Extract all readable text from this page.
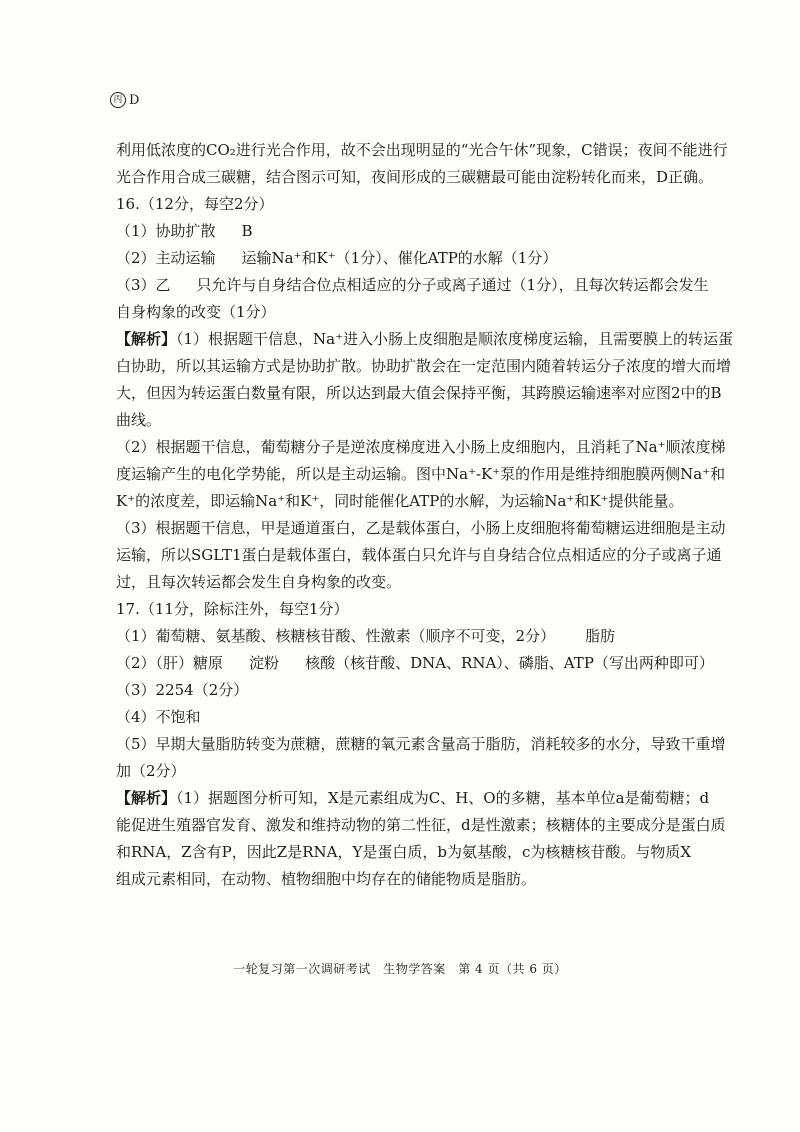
丙 D
利用低浓度的CO₂进行光合作用，故不会出现明显的“光合午休”现象，C错误；夜间不能进行
光合作用合成三碳糖，结合图示可知，夜间形成的三碳糖最可能由淀粉转化而来，D正确。
16.（12分，每空2分）
（1）协助扩散 B
（2）主动运输 运输Na⁺和K⁺（1分）、催化ATP的水解（1分）
（3）乙 只允许与自身结合位点相适应的分子或离子通过（1分），且每次转运都会发生
自身构象的改变（1分）
【解析】（1）根据题干信息，Na⁺进入小肠上皮细胞是顺浓度梯度运输，且需要膜上的转运蛋
白协助，所以其运输方式是协助扩散。协助扩散会在一定范围内随着转运分子浓度的增大而增
大，但因为转运蛋白数量有限，所以达到最大值会保持平衡，其跨膜运输速率对应图2中的B
曲线。
（2）根据题干信息，葡萄糖分子是逆浓度梯度进入小肠上皮细胞内，且消耗了Na⁺顺浓度梯
度运输产生的电化学势能，所以是主动运输。图中Na⁺-K⁺泵的作用是维持细胞膜两侧Na⁺和
K⁺的浓度差，即运输Na⁺和K⁺，同时能催化ATP的水解，为运输Na⁺和K⁺提供能量。
（3）根据题干信息，甲是通道蛋白，乙是载体蛋白，小肠上皮细胞将葡萄糖运进细胞是主动
运输，所以SGLT1蛋白是载体蛋白，载体蛋白只允许与自身结合位点相适应的分子或离子通
过，且每次转运都会发生自身构象的改变。
17.（11分，除标注外，每空1分）
（1）葡萄糖、氨基酸、核糖核苷酸、性激素（顺序不可变，2分） 脂肪
（2）（肝）糖原 淀粉 核酸（核苷酸、DNA、RNA）、磷脂、ATP（写出两种即可）
（3）2254（2分）
（4）不饱和
（5）早期大量脂肪转变为蔗糖，蔗糖的氧元素含量高于脂肪，消耗较多的水分，导致干重增
加（2分）
【解析】（1）据题图分析可知，X是元素组成为C、H、O的多糖，基本单位a是葡萄糖；d
能促进生殖器官发育、激发和维持动物的第二性征，d是性激素；核糖体的主要成分是蛋白质
和RNA，Z含有P，因此Z是RNA，Y是蛋白质，b为氨基酸，c为核糖核苷酸。与物质X
组成元素相同，在动物、植物细胞中均存在的储能物质是脂肪。
一轮复习第一次调研考试　生物学答案　第 4 页（共 6 页）
